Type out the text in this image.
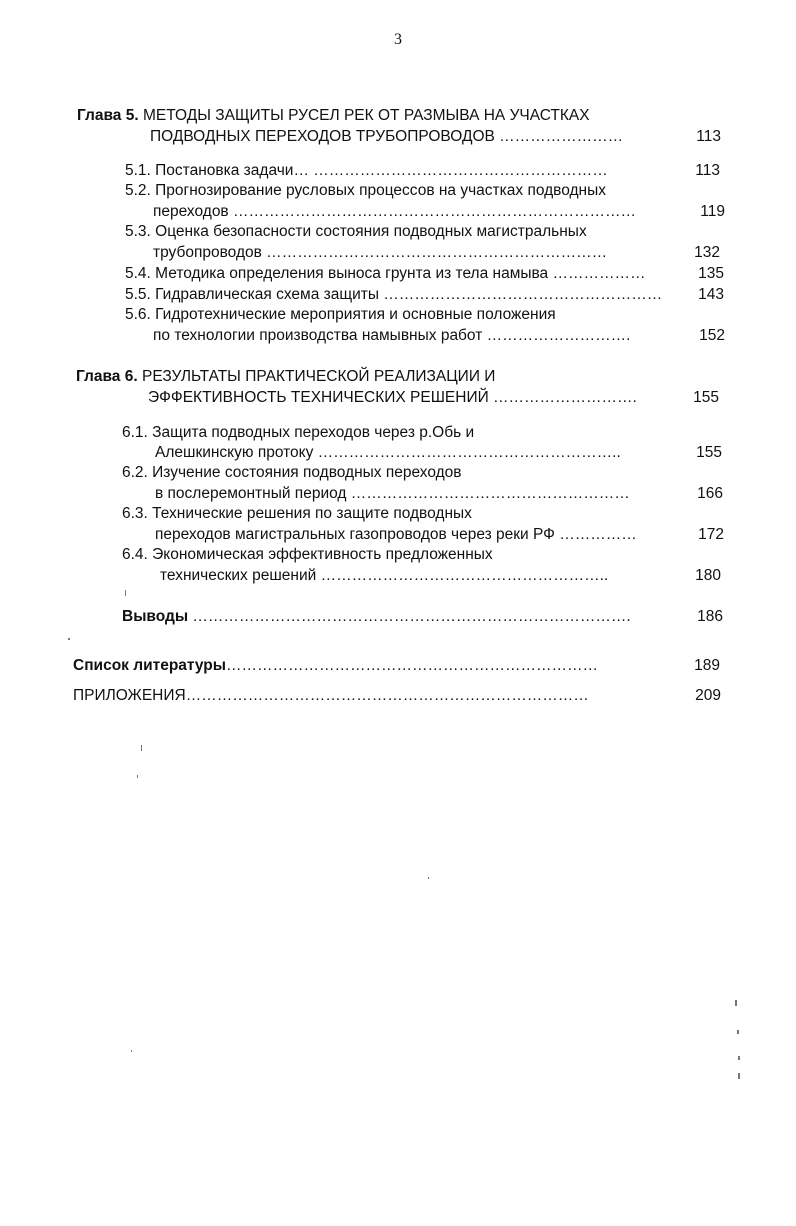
3
Глава 5. МЕТОДЫ ЗАЩИТЫ РУСЕЛ РЕК ОТ РАЗМЫВА НА УЧАСТКАХ
ПОДВОДНЫХ ПЕРЕХОДОВ ТРУБОПРОВОДОВ ……………………	113
5.1. Постановка задачи… …………………………………………………	113
5.2. Прогнозирование русловых процессов на участках подводных
переходов ……………………………………………………………………	119
5.3. Оценка безопасности состояния подводных магистральных
трубопроводов …………………………………………………………	132
5.4. Методика определения выноса грунта из тела намыва ………………	135
5.5. Гидравлическая схема защиты ………………………………………………	143
5.6. Гидротехнические мероприятия и основные положения
по технологии производства намывных работ ……………………….	152
Глава 6. РЕЗУЛЬТАТЫ ПРАКТИЧЕСКОЙ РЕАЛИЗАЦИИ И
ЭФФЕКТИВНОСТЬ ТЕХНИЧЕСКИХ РЕШЕНИЙ ……………………….	155
6.1. Защита подводных переходов через р.Обь и
Алешкинскую протоку …………………………………………………..	155
6.2. Изучение состояния подводных переходов
в послеремонтный период ………………………………………………	166
6.3. Технические решения по защите подводных
переходов магистральных газопроводов через реки РФ ……………	172
6.4. Экономическая эффективность предложенных
технических решений ………………………………………………..	180
Выводы ………………………………………………………………………….	186
Список литературы………………………………………………………………	189
ПРИЛОЖЕНИЯ……………………………………………………………………	209
